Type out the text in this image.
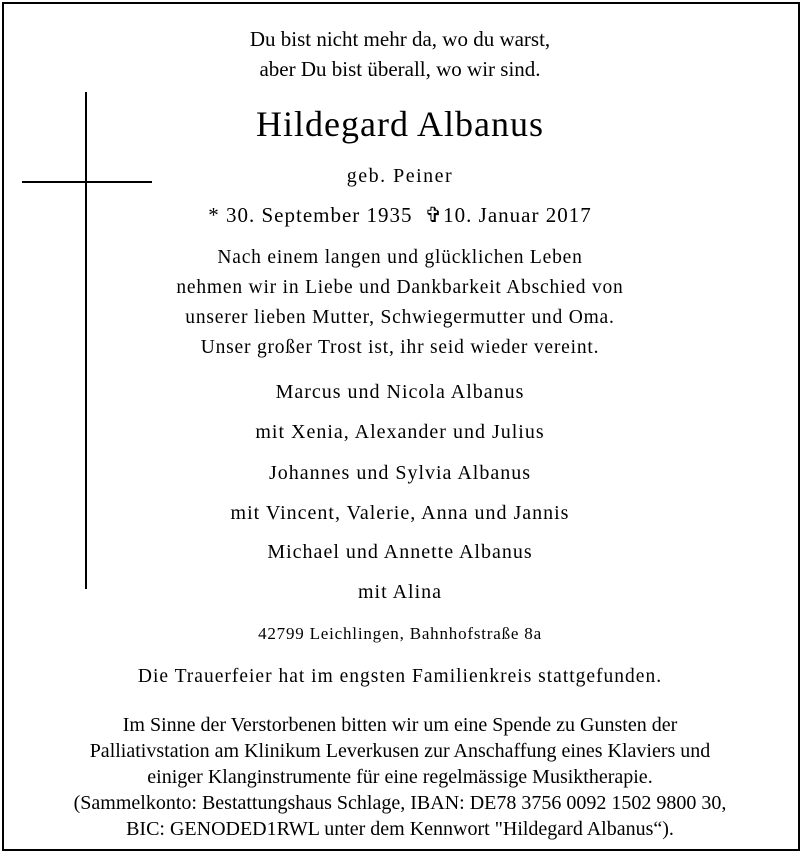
Du bist nicht mehr da, wo du warst,
aber Du bist überall, wo wir sind.
Hildegard Albanus
geb. Peiner
* 30. September 1935 ✞10. Januar 2017
Nach einem langen und glücklichen Leben
nehmen wir in Liebe und Dankbarkeit Abschied von
unserer lieben Mutter, Schwiegermutter und Oma.
Unser großer Trost ist, ihr seid wieder vereint.
Marcus und Nicola Albanus
mit Xenia, Alexander und Julius
Johannes und Sylvia Albanus
mit Vincent, Valerie, Anna und Jannis
Michael und Annette Albanus
mit Alina
42799 Leichlingen, Bahnhofstraße 8a
Die Trauerfeier hat im engsten Familienkreis stattgefunden.
Im Sinne der Verstorbenen bitten wir um eine Spende zu Gunsten der
Palliativstation am Klinikum Leverkusen zur Anschaffung eines Klaviers und
einiger Klanginstrumente für eine regelmässige Musiktherapie.
(Sammelkonto: Bestattungshaus Schlage, IBAN: DE78 3756 0092 1502 9800 30,
BIC: GENODED1RWL unter dem Kennwort "Hildegard Albanus“).
